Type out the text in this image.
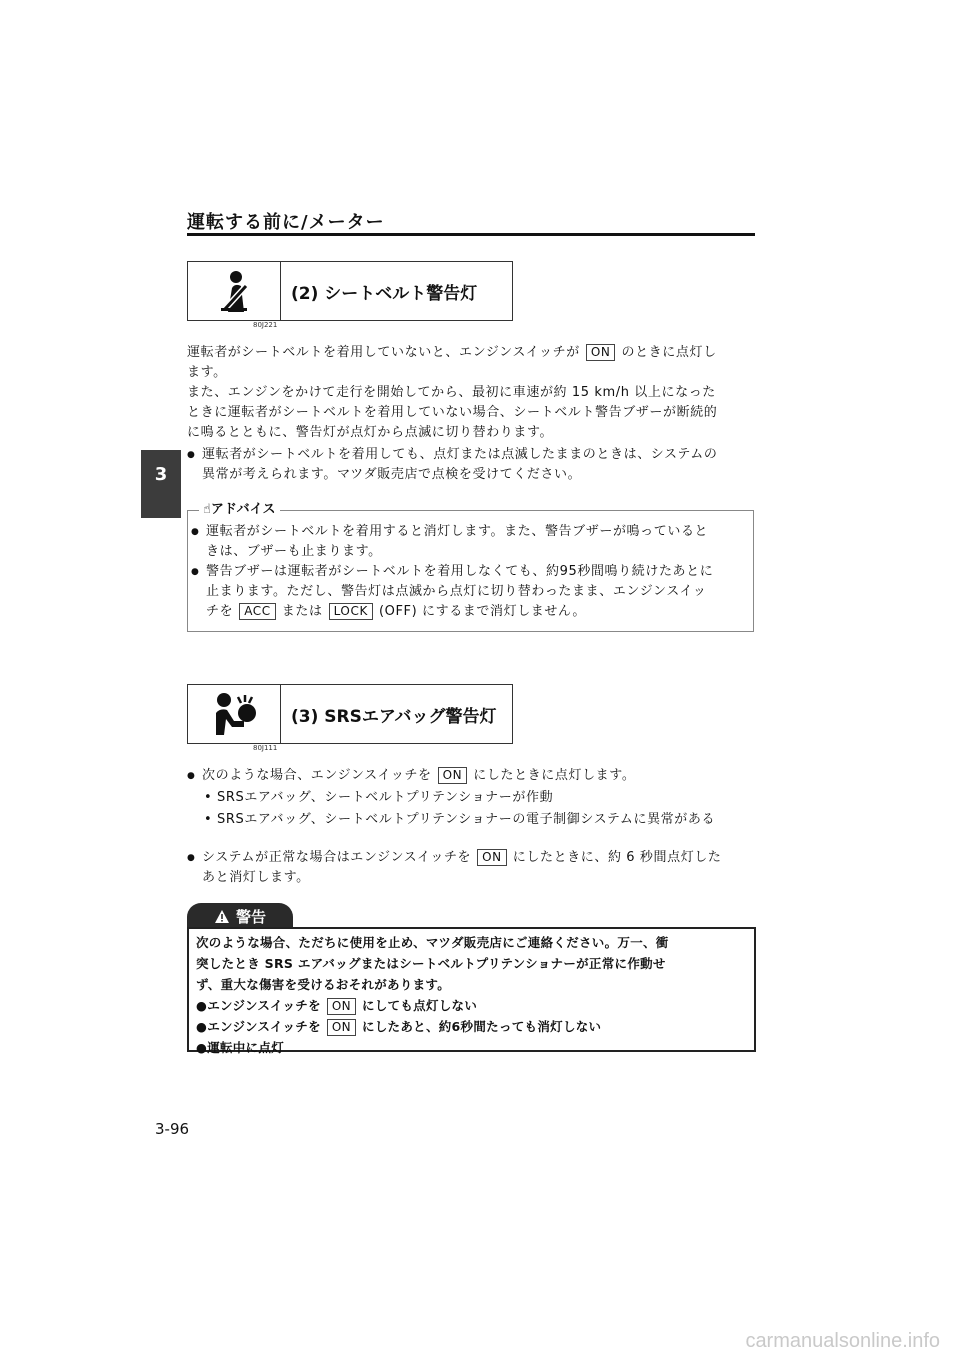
運転する前に/メーター
3
80J221
(2) シートベルト警告灯
運転者がシートベルトを着用していないと、エンジンスイッチが ON のときに点灯し
ます。
また、エンジンをかけて走行を開始してから、最初に車速が約 15 km/h 以上になった
ときに運転者がシートベルトを着用していない場合、シートベルト警告ブザーが断続的
に鳴るとともに、警告灯が点灯から点滅に切り替わります。
● 運転者がシートベルトを着用しても、点灯または点滅したままのときは、システムの
異常が考えられます。マツダ販売店で点検を受けてください。
☝アドバイス
● 運転者がシートベルトを着用すると消灯します。また、警告ブザーが鳴っていると
きは、ブザーも止まります。
● 警告ブザーは運転者がシートベルトを着用しなくても、約95秒間鳴り続けたあとに
止まります。ただし、警告灯は点滅から点灯に切り替わったまま、エンジンスイッ
チを ACC または LOCK (OFF) にするまで消灯しません。
80J111
(3) SRSエアバッグ警告灯
● 次のような場合、エンジンスイッチを ON にしたときに点灯します。
• SRSエアバッグ、シートベルトプリテンショナーが作動
• SRSエアバッグ、シートベルトプリテンショナーの電子制御システムに異常がある
● システムが正常な場合はエンジンスイッチを ON にしたときに、約 6 秒間点灯した
あと消灯します。
警告
次のような場合、ただちに使用を止め、マツダ販売店にご連絡ください。万一、衝
突したとき SRS エアバッグまたはシートベルトプリテンショナーが正常に作動せ
ず、重大な傷害を受けるおそれがあります。
●エンジンスイッチを ON にしても点灯しない
●エンジンスイッチを ON にしたあと、約6秒間たっても消灯しない
●運転中に点灯
3-96
carmanualsonline.info
